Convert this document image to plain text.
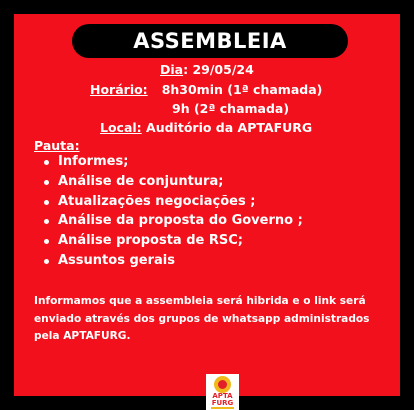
ASSEMBLEIA
Dia: 29/05/24
Horário: 8h30min (1ª chamada)
9h (2ª chamada)
Local: Auditório da APTAFURG
Pauta:
Informes;
Análise de conjuntura;
Atualizações negociações ;
Análise da proposta do Governo ;
Análise proposta de RSC;
Assuntos gerais
Informamos que a assembleia será hibrida e o link será enviado através dos grupos de whatsapp administrados pela APTAFURG.
APTA FURG
